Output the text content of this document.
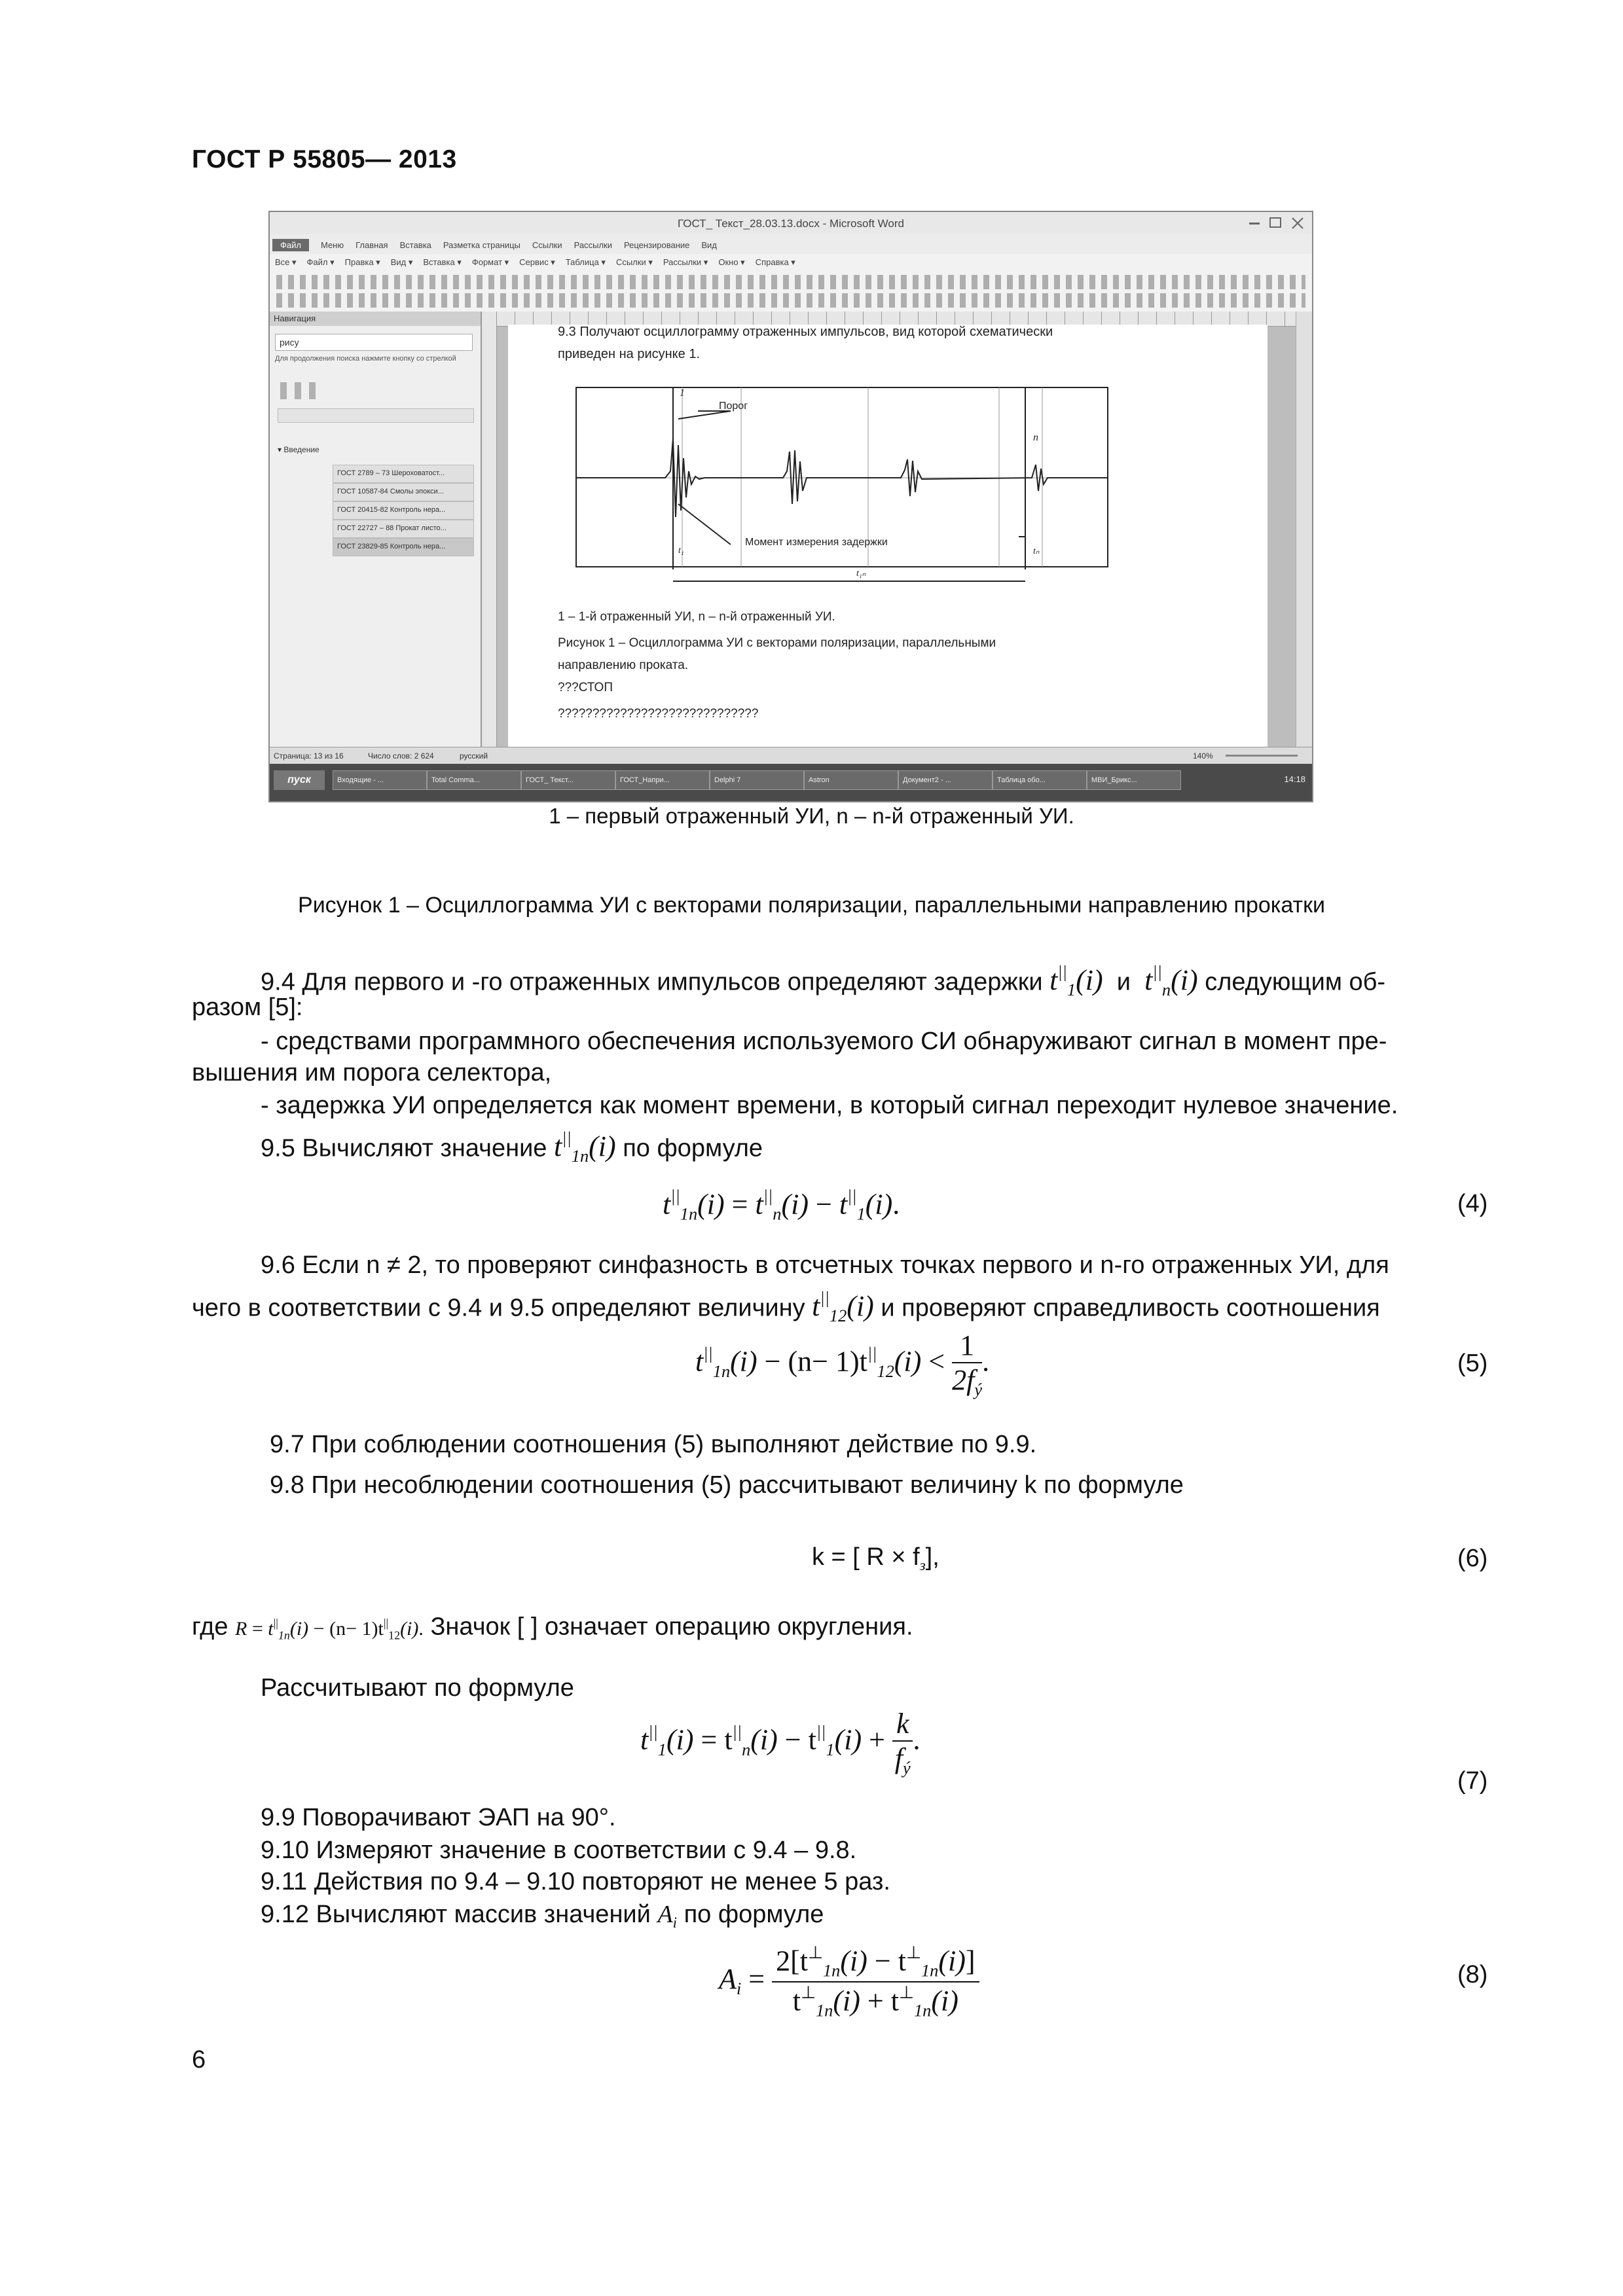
ГОСТ Р 55805— 2013
ГОСТ_ Текст_28.03.13.docx - Microsoft Word
Файл Меню Главная Вставка Разметка страницы Ссылки Рассылки Рецензирование Вид
Все ▾ Файл ▾ Правка ▾ Вид ▾ Вставка ▾ Формат ▾ Сервис ▾ Таблица ▾ Ссылки ▾ Рассылки ▾ Окно ▾ Справка ▾
Навигация
рису
Для продолжения поиска нажмите кнопку со стрелкой
▾ Введение
ГОСТ 2789 – 73 Шероховатост...
ГОСТ 10587-84 Смолы эпокси...
ГОСТ 20415-82 Контроль нера...
ГОСТ 22727 – 88 Прокат листо...
ГОСТ 23829-85 Контроль нера...
9.3 Получают осциллограмму отраженных импульсов, вид которой схематически
приведен на рисунке 1.
Порог
Момент измерения задержки
1
n
t₁	tₙ
t₁ₙ
1 – 1-й отраженный УИ, n – n-й отраженный УИ.
Рисунок 1 – Осциллограмма УИ с векторами поляризации, параллельными
направлению проката.
???СТОП
?????????????????????????????
Страница: 13 из 16	Число слов: 2 624	русский	140%
пуск	Входящие - ...	Total Comma...	ГОСТ_ Текст...	ГОСТ_Напри...	Delphi 7	Astron	Документ2 - ...	Таблица обо...	МВИ_Брикс...	14:18
1 – первый отраженный УИ, n – n-й отраженный УИ.
Рисунок 1 – Осциллограмма УИ с векторами поляризации, параллельными направлению прокатки
9.4 Для первого и -го отраженных импульсов определяют задержки $t^{||}_1(i)$ и $t^{||}_n(i)$ следующим об-
разом [5]:
- средствами программного обеспечения используемого СИ обнаруживают сигнал в момент пре-
вышения им порога селектора,
- задержка УИ определяется как момент времени, в который сигнал переходит нулевое значение.
9.5 Вычисляют значение $t^{||}_{1n}(i)$ по формуле
$t^{||}_{1n}(i) = t^{||}_n(i) - t^{||}_1(i)$.	(4)
9.6 Если n ≠ 2, то проверяют синфазность в отсчетных точках первого и n-го отраженных УИ, для
чего в соответствии с 9.4 и 9.5 определяют величину $t^{||}_{12}(i)$ и проверяют справедливость соотношения
$t^{||}_{1n}(i) - (n- 1)t^{||}_{12}(i) < \frac{1}{2f_ý}$ .	(5)
9.7 При соблюдении соотношения (5) выполняют действие по 9.9.
9.8 При несоблюдении соотношения (5) рассчитывают величину k по формуле
k = [ $R \times f_з$],	(6)
где $R = t^{||}_{1n}(i) - (n- 1)t^{||}_{12}(i)$. Значок [ ] означает операцию округления.
Рассчитывают по формуле
$t^{||}_1(i) = t^{||}_n(i) - t^{||}_1(i) + \frac{k}{f_ý}$ .
(7)
9.9 Поворачивают ЭАП на 90°.
9.10 Измеряют значение в соответствии с 9.4 – 9.8.
9.11 Действия по 9.4 – 9.10 повторяют не менее 5 раз.
9.12 Вычисляют массив значений $A_i$ по формуле
$A_i = \frac{2[t^\perp_{1n}(i) - t^\perp_{1n}(i)]}{t^\perp_{1n}(i) + t^\perp_{1n}(i)}$	(8)
6
